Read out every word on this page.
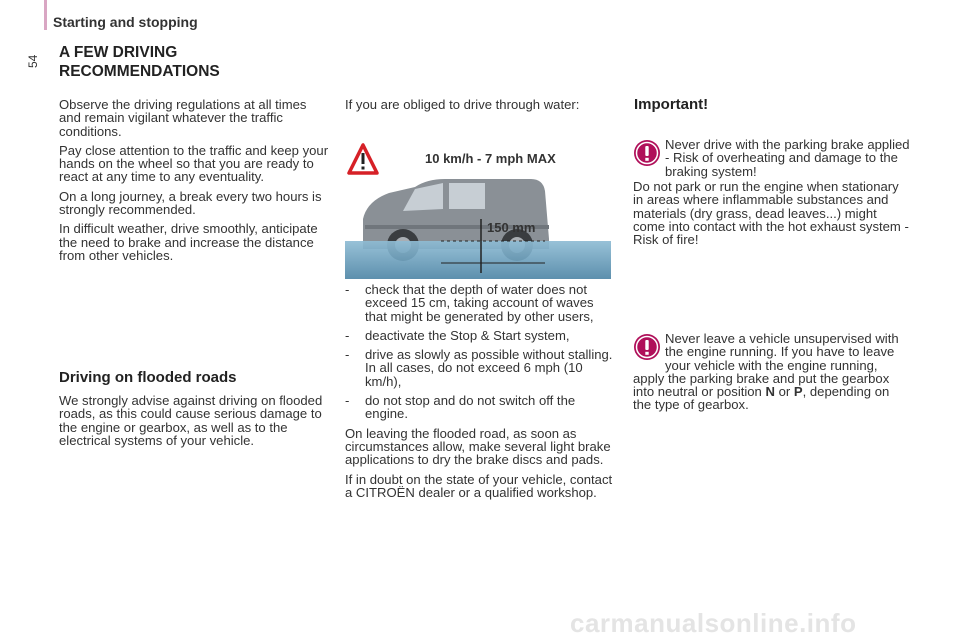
Starting and stopping
54
A FEW DRIVING
RECOMMENDATIONS

Observe the driving regulations at all times and remain vigilant whatever the traffic conditions.

Pay close attention to the traffic and keep your hands on the wheel so that you are ready to react at any time to any eventuality.

On a long journey, a break every two hours is strongly recommended.

In difficult weather, drive smoothly, anticipate the need to brake and increase the distance from other vehicles.

Driving on flooded roads
We strongly advise against driving on flooded roads, as this could cause serious damage to the engine or gearbox, as well as to the electrical systems of your vehicle.
If you are obliged to drive through water:
10 km/h - 7 mph MAX
150 mm
-	check that the depth of water does not exceed 15 cm, taking account of waves that might be generated by other users,
-	deactivate the Stop & Start system,
-	drive as slowly as possible without stalling. In all cases, do not exceed 6 mph (10 km/h),
-	do not stop and do not switch off the engine.

On leaving the flooded road, as soon as circumstances allow, make several light brake applications to dry the brake discs and pads.

If in doubt on the state of your vehicle, contact a CITROËN dealer or a qualified workshop.

Important!
Never drive with the parking brake applied - Risk of overheating and damage to the braking system!
Do not park or run the engine when stationary in areas where inflammable substances and materials (dry grass, dead leaves...) might come into contact with the hot exhaust system - Risk of fire!
Never leave a vehicle unsupervised with the engine running. If you have to leave your vehicle with the engine running, apply the parking brake and put the gearbox into neutral or position N or P, depending on the type of gearbox.
carmanualsonline.info
